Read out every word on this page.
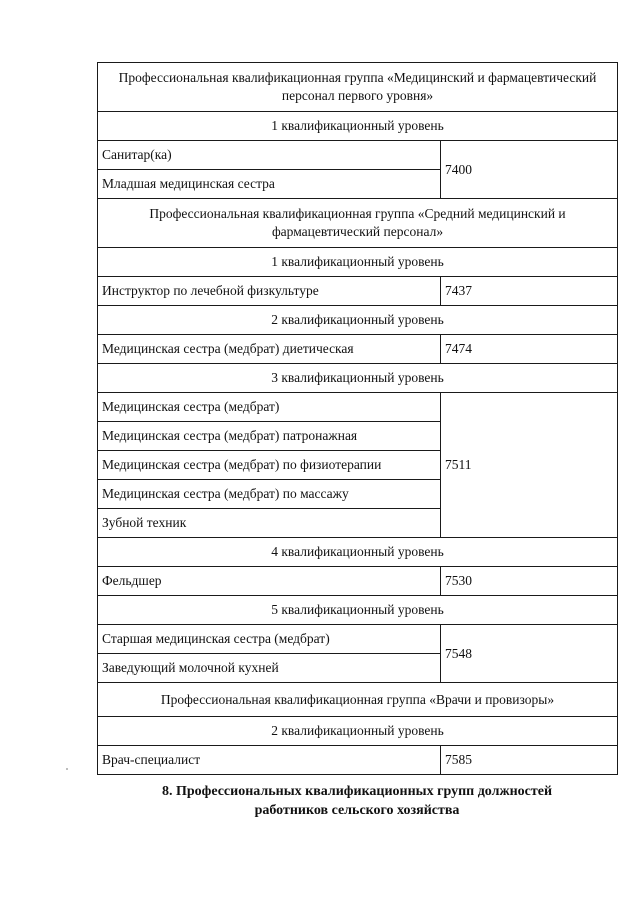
Профессиональная квалификационная группа «Медицинский и фармацевтический персонал первого уровня»	
1 квалификационный уровень	
Санитар(ка)	7400
Младшая медицинская сестра	
Профессиональная квалификационная группа «Средний медицинский и фармацевтический персонал»	
1 квалификационный уровень	
Инструктор по лечебной физкультуре	7437
2 квалификационный уровень	
Медицинская сестра (медбрат) диетическая	7474
3 квалификационный уровень	
Медицинская сестра (медбрат)	7511
Медицинская сестра (медбрат) патронажная	
Медицинская сестра (медбрат) по физиотерапии	
Медицинская сестра (медбрат) по массажу	
Зубной техник	
4 квалификационный уровень	
Фельдшер	7530
5 квалификационный уровень	
Старшая медицинская сестра (медбрат)	7548
Заведующий молочной кухней	
Профессиональная квалификационная группа «Врачи и провизоры»	
2 квалификационный уровень	
Врач-специалист	7585
8. Профессиональных квалификационных групп должностей
работников сельского хозяйства
